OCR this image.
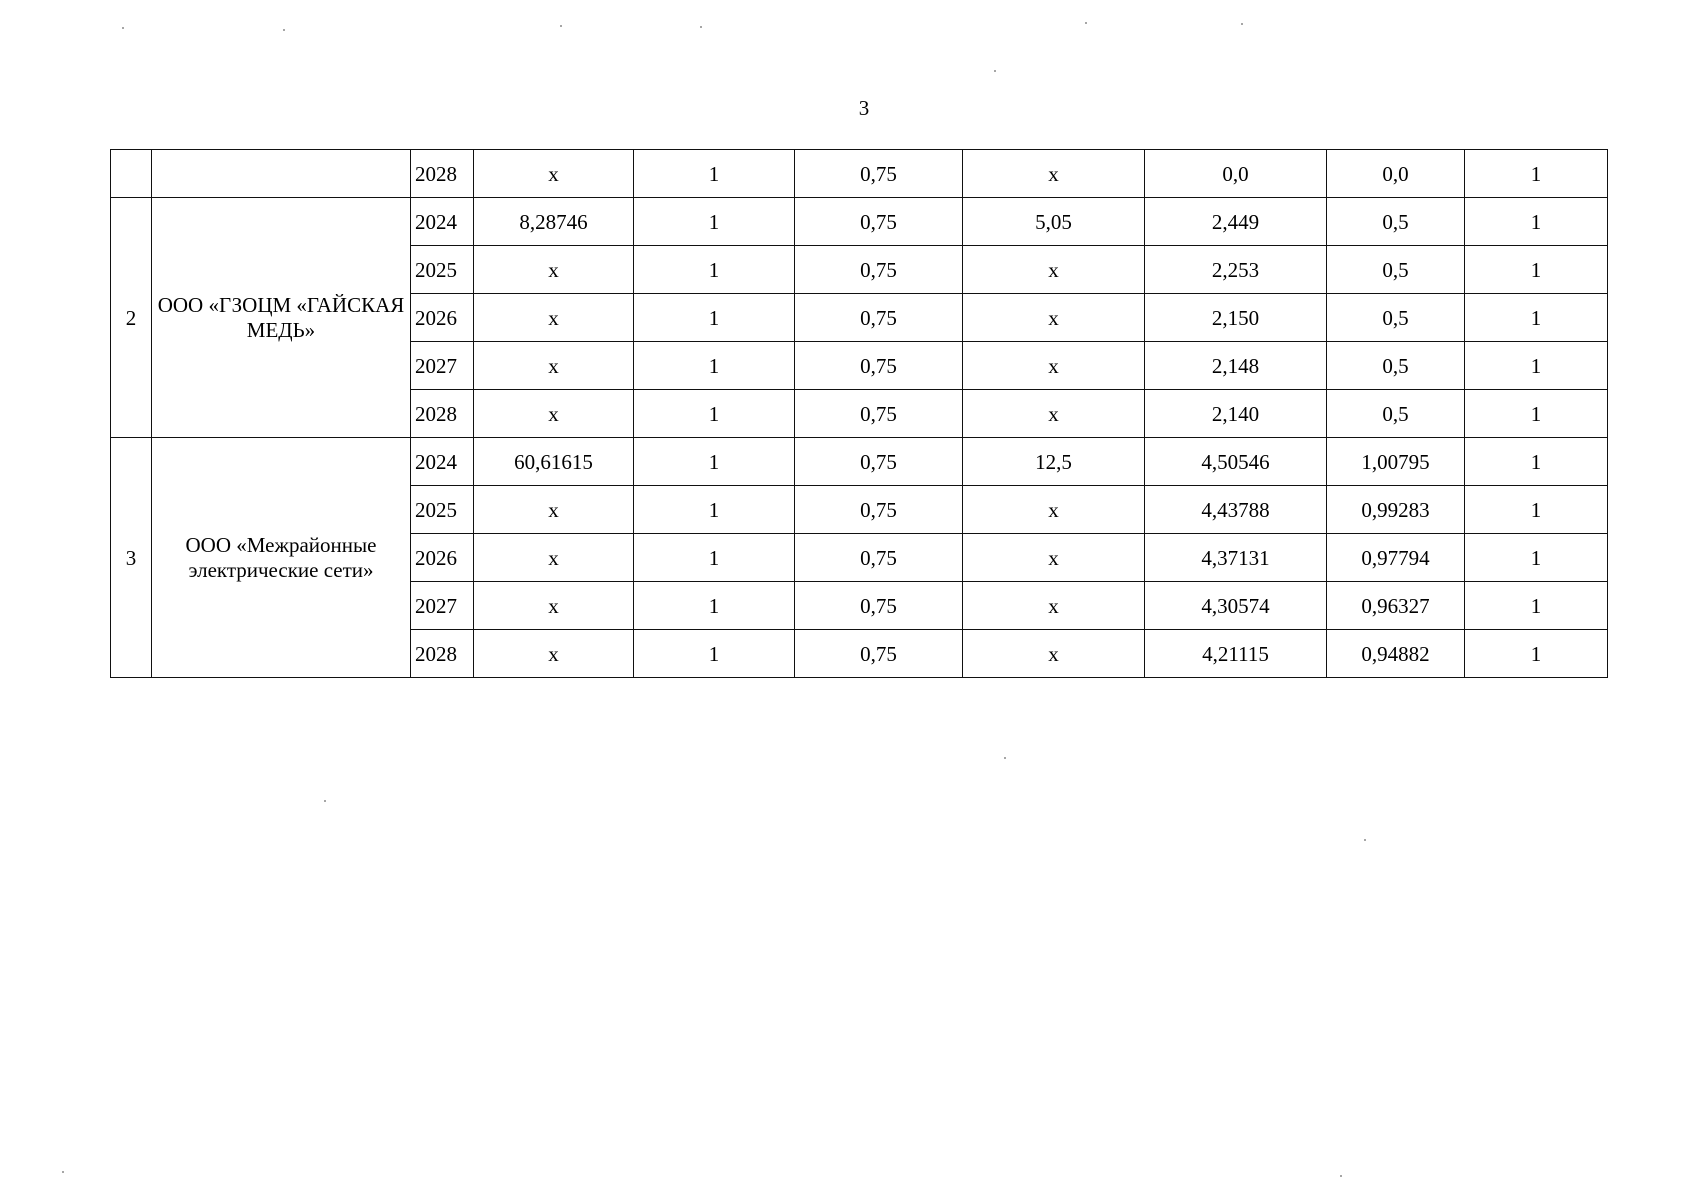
3
		2028	х	1	0,75	х	0,0	0,0	1
2	ООО «ГЗОЦМ «ГАЙСКАЯ МЕДЬ»	2024	8,28746	1	0,75	5,05	2,449	0,5	1
		2025	х	1	0,75	х	2,253	0,5	1
		2026	х	1	0,75	х	2,150	0,5	1
		2027	х	1	0,75	х	2,148	0,5	1
		2028	х	1	0,75	х	2,140	0,5	1
3	ООО «Межрайонные электрические сети»	2024	60,61615	1	0,75	12,5	4,50546	1,00795	1
		2025	х	1	0,75	х	4,43788	0,99283	1
		2026	х	1	0,75	х	4,37131	0,97794	1
		2027	х	1	0,75	х	4,30574	0,96327	1
		2028	х	1	0,75	х	4,21115	0,94882	1
